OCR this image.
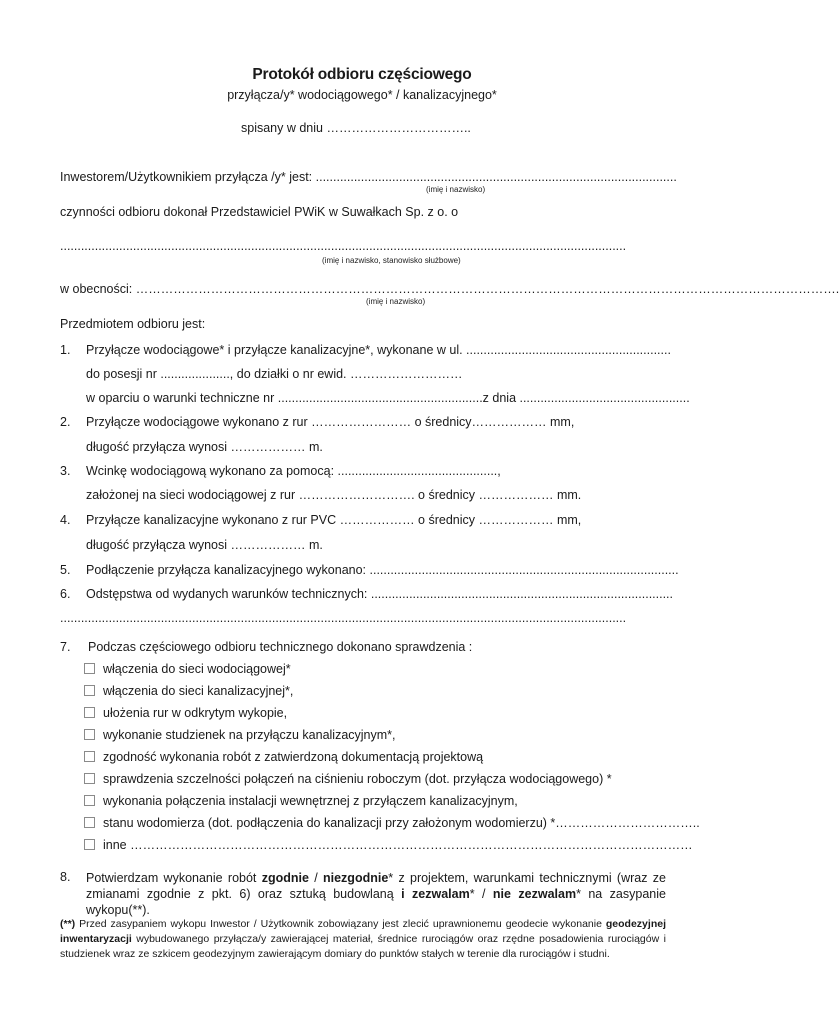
Protokół odbioru częściowego
przyłącza/y* wodociągowego* / kanalizacyjnego*
spisany w dniu ……………………………..
Inwestorem/Użytkownikiem przyłącza /y* jest: ........................................................................................................
(imię i nazwisko)
czynności odbioru dokonał Przedstawiciel PWiK w Suwałkach Sp. z o. o
...................................................................................................................................................................
(imię i nazwisko, stanowisko służbowe)
w obecności: …………………………………………………………………………………………………………………………………………………….
(imię i nazwisko)
Przedmiotem odbioru jest:
1. Przyłącze wodociągowe* i przyłącze kanalizacyjne*, wykonane w ul. ...........................................................
do posesji nr ...................., do działki o nr ewid. ………………………
w oparciu o warunki techniczne nr ...........................................................z dnia .................................................
2. Przyłącze wodociągowe wykonano z rur …………………… o średnicy……………… mm,
długość przyłącza wynosi ……………… m.
3. Wcinkę wodociągową wykonano za pomocą: ..............................................,
założonej na sieci wodociągowej z rur ………………………. o średnicy ……………… mm.
4. Przyłącze kanalizacyjne wykonano z rur PVC ……………… o średnicy ……………… mm,
długość przyłącza wynosi ……………… m.
5. Podłączenie przyłącza kanalizacyjnego wykonano: .........................................................................................
6. Odstępstwa od wydanych warunków technicznych: .......................................................................................
...................................................................................................................................................................
7. Podczas częściowego odbioru technicznego dokonano sprawdzenia :
włączenia do sieci wodociągowej*
włączenia do sieci kanalizacyjnej*,
ułożenia rur w odkrytym wykopie,
wykonanie studzienek na przyłączu kanalizacyjnym*,
zgodność wykonania robót z zatwierdzoną dokumentacją projektową
sprawdzenia szczelności połączeń na ciśnieniu roboczym (dot. przyłącza wodociągowego) *
wykonania połączenia instalacji wewnętrznej z przyłączem kanalizacyjnym,
stanu wodomierza (dot. podłączenia do kanalizacji przy założonym wodomierzu) *……………………………..
inne ………………………………………………………………………………………………………………………
8. Potwierdzam wykonanie robót zgodnie / niezgodnie* z projektem, warunkami technicznymi (wraz ze zmianami zgodnie z pkt. 6) oraz sztuką budowlaną i zezwalam* / nie zezwalam* na zasypanie wykopu(**).
(**) Przed zasypaniem wykopu Inwestor / Użytkownik zobowiązany jest zlecić uprawnionemu geodecie wykonanie geodezyjnej inwentaryzacji wybudowanego przyłącza/y zawierającej materiał, średnice rurociągów oraz rzędne posadowienia rurociągów i studzienek wraz ze szkicem geodezyjnym zawierającym domiary do punktów stałych w terenie dla rurociągów i studni.
